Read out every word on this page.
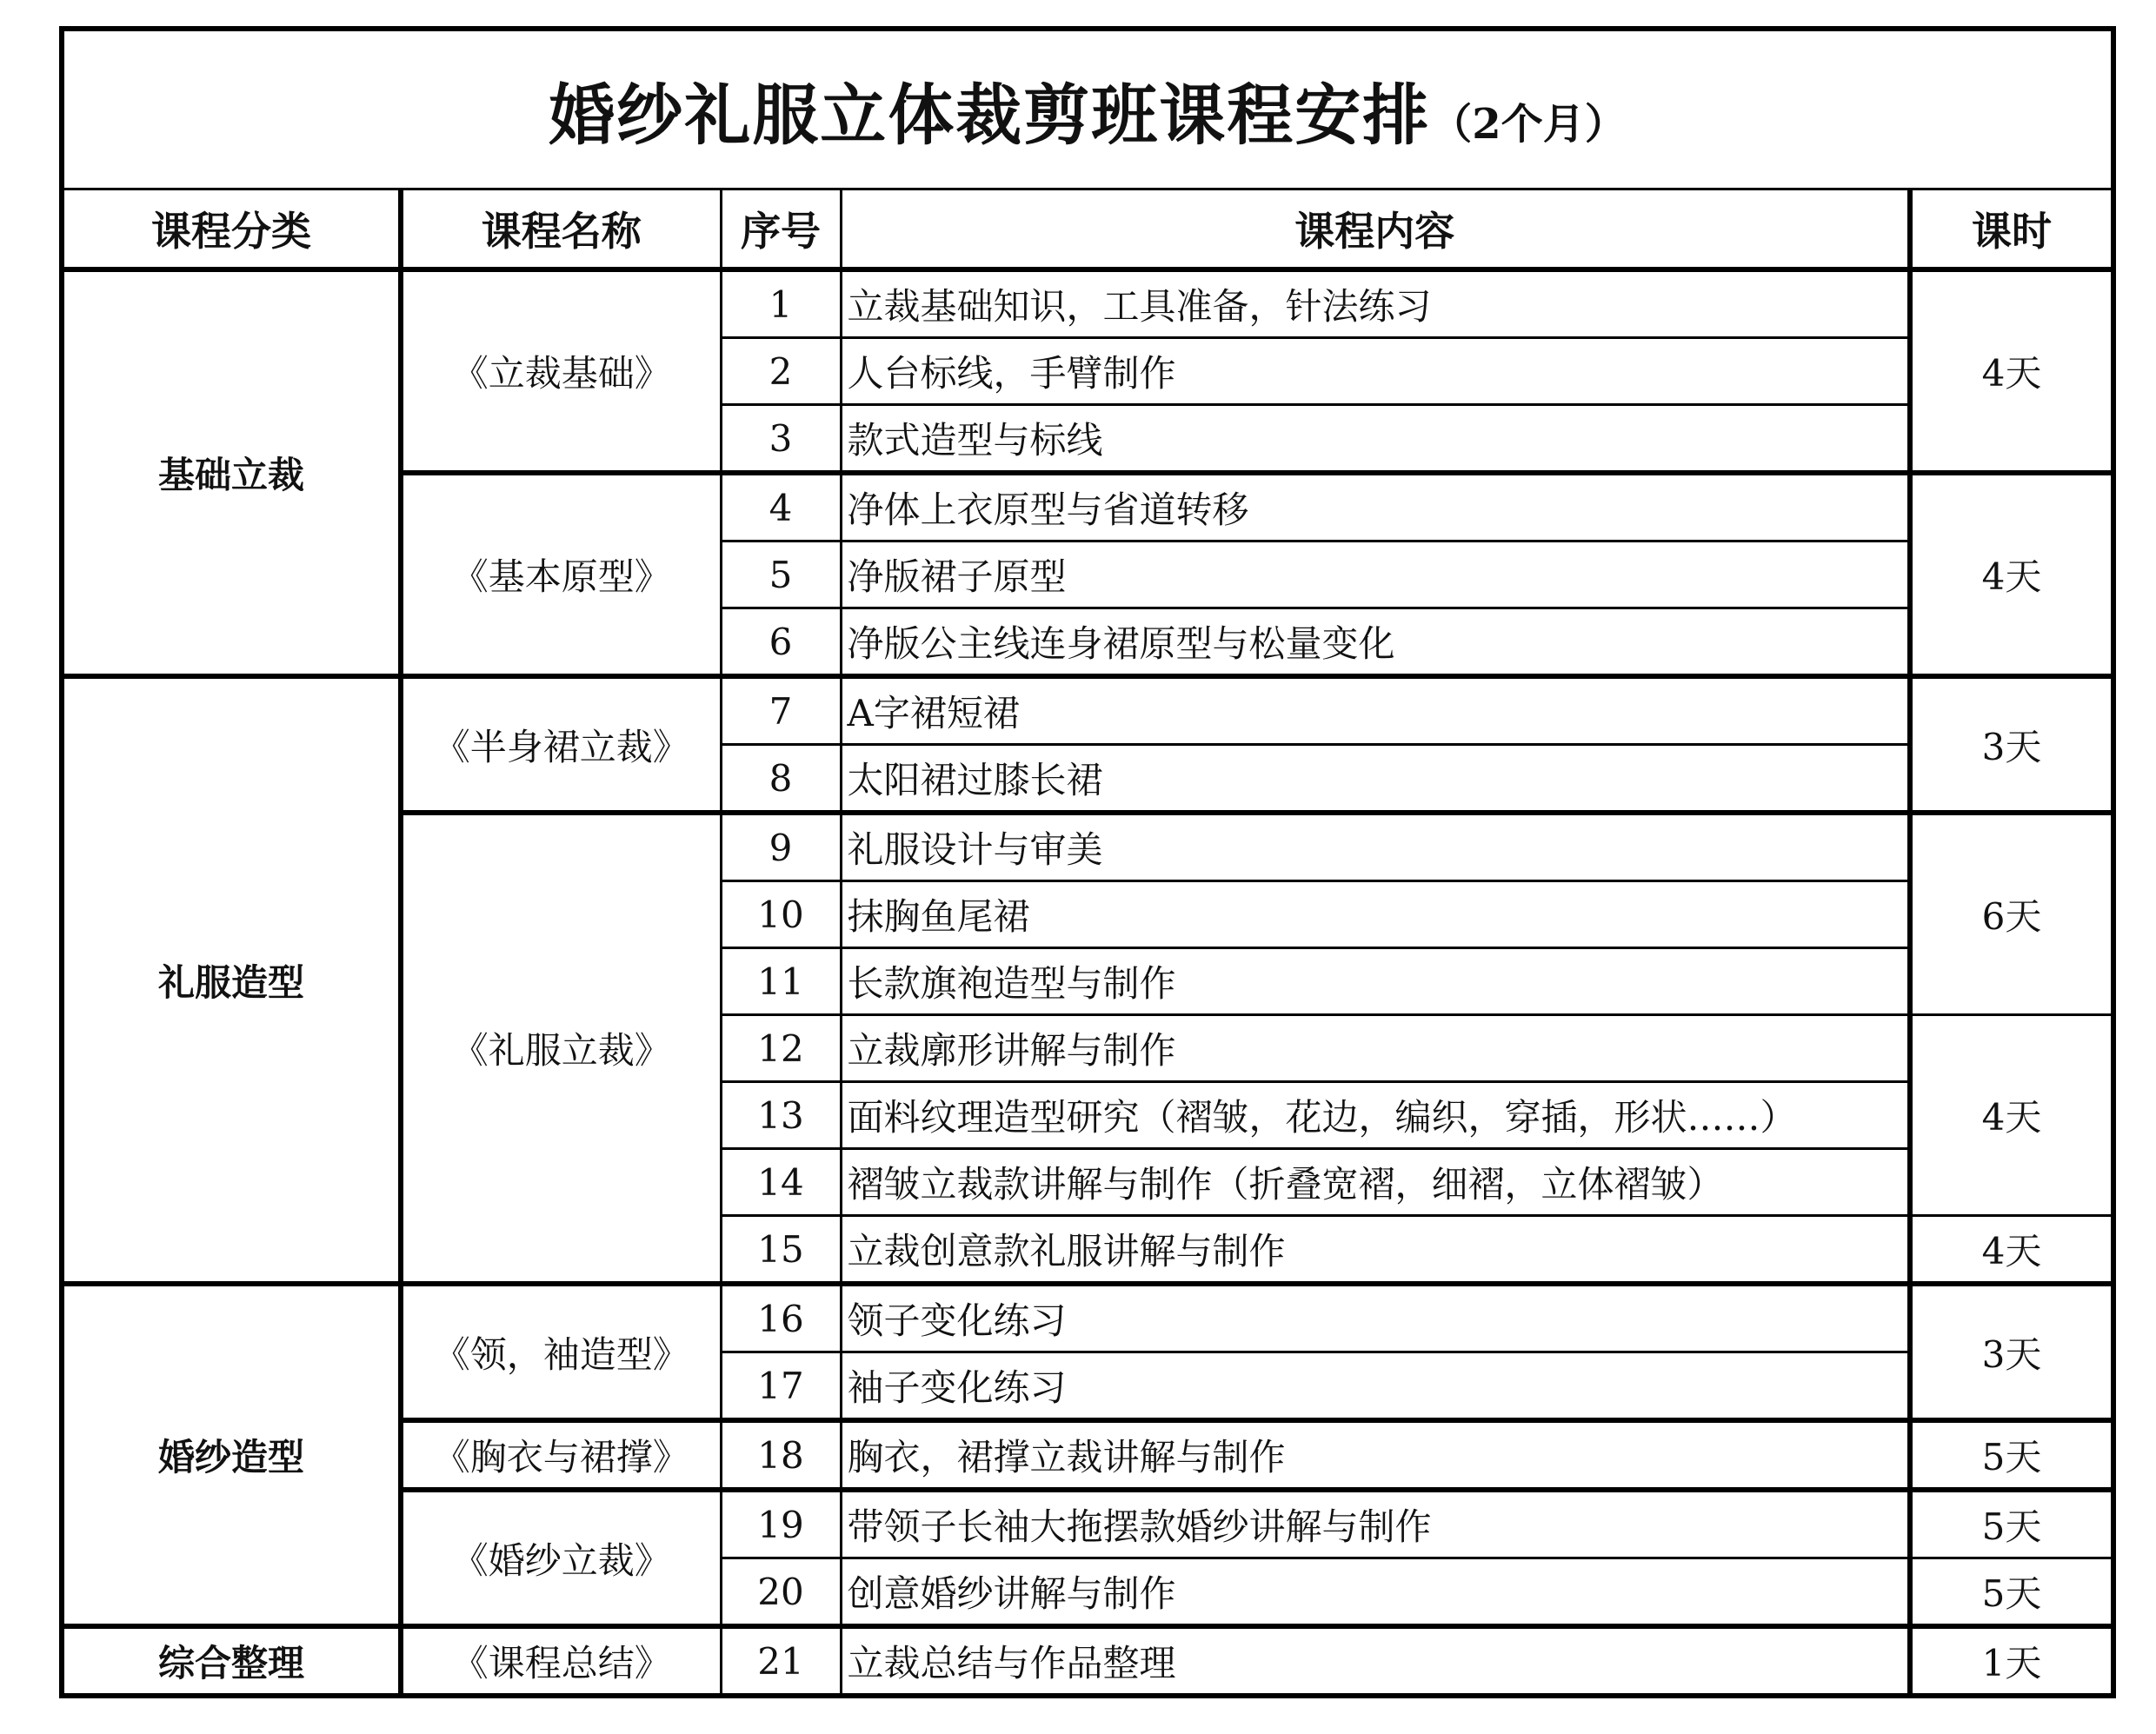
婚纱礼服立体裁剪班课程安排（2个月）				
课程分类	课程名称	序号	课程内容	课时
基础立裁	《立裁基础》	1	立裁基础知识，工具准备，针法练习	4天
		2	人台标线，手臂制作	
		3	款式造型与标线	
	《基本原型》	4	净体上衣原型与省道转移	4天
		5	净版裙子原型	
		6	净版公主线连身裙原型与松量变化	
礼服造型	《半身裙立裁》	7	A字裙短裙	3天
		8	太阳裙过膝长裙	
	《礼服立裁》	9	礼服设计与审美	6天
		10	抹胸鱼尾裙	
		11	长款旗袍造型与制作	
		12	立裁廓形讲解与制作	4天
		13	面料纹理造型研究（褶皱，花边，编织，穿插，形状……）	
		14	褶皱立裁款讲解与制作（折叠宽褶，细褶，立体褶皱）	
		15	立裁创意款礼服讲解与制作	4天
婚纱造型	《领，袖造型》	16	领子变化练习	3天
		17	袖子变化练习	
	《胸衣与裙撑》	18	胸衣，裙撑立裁讲解与制作	5天
	《婚纱立裁》	19	带领子长袖大拖摆款婚纱讲解与制作	5天
		20	创意婚纱讲解与制作	5天
综合整理	《课程总结》	21	立裁总结与作品整理	1天
